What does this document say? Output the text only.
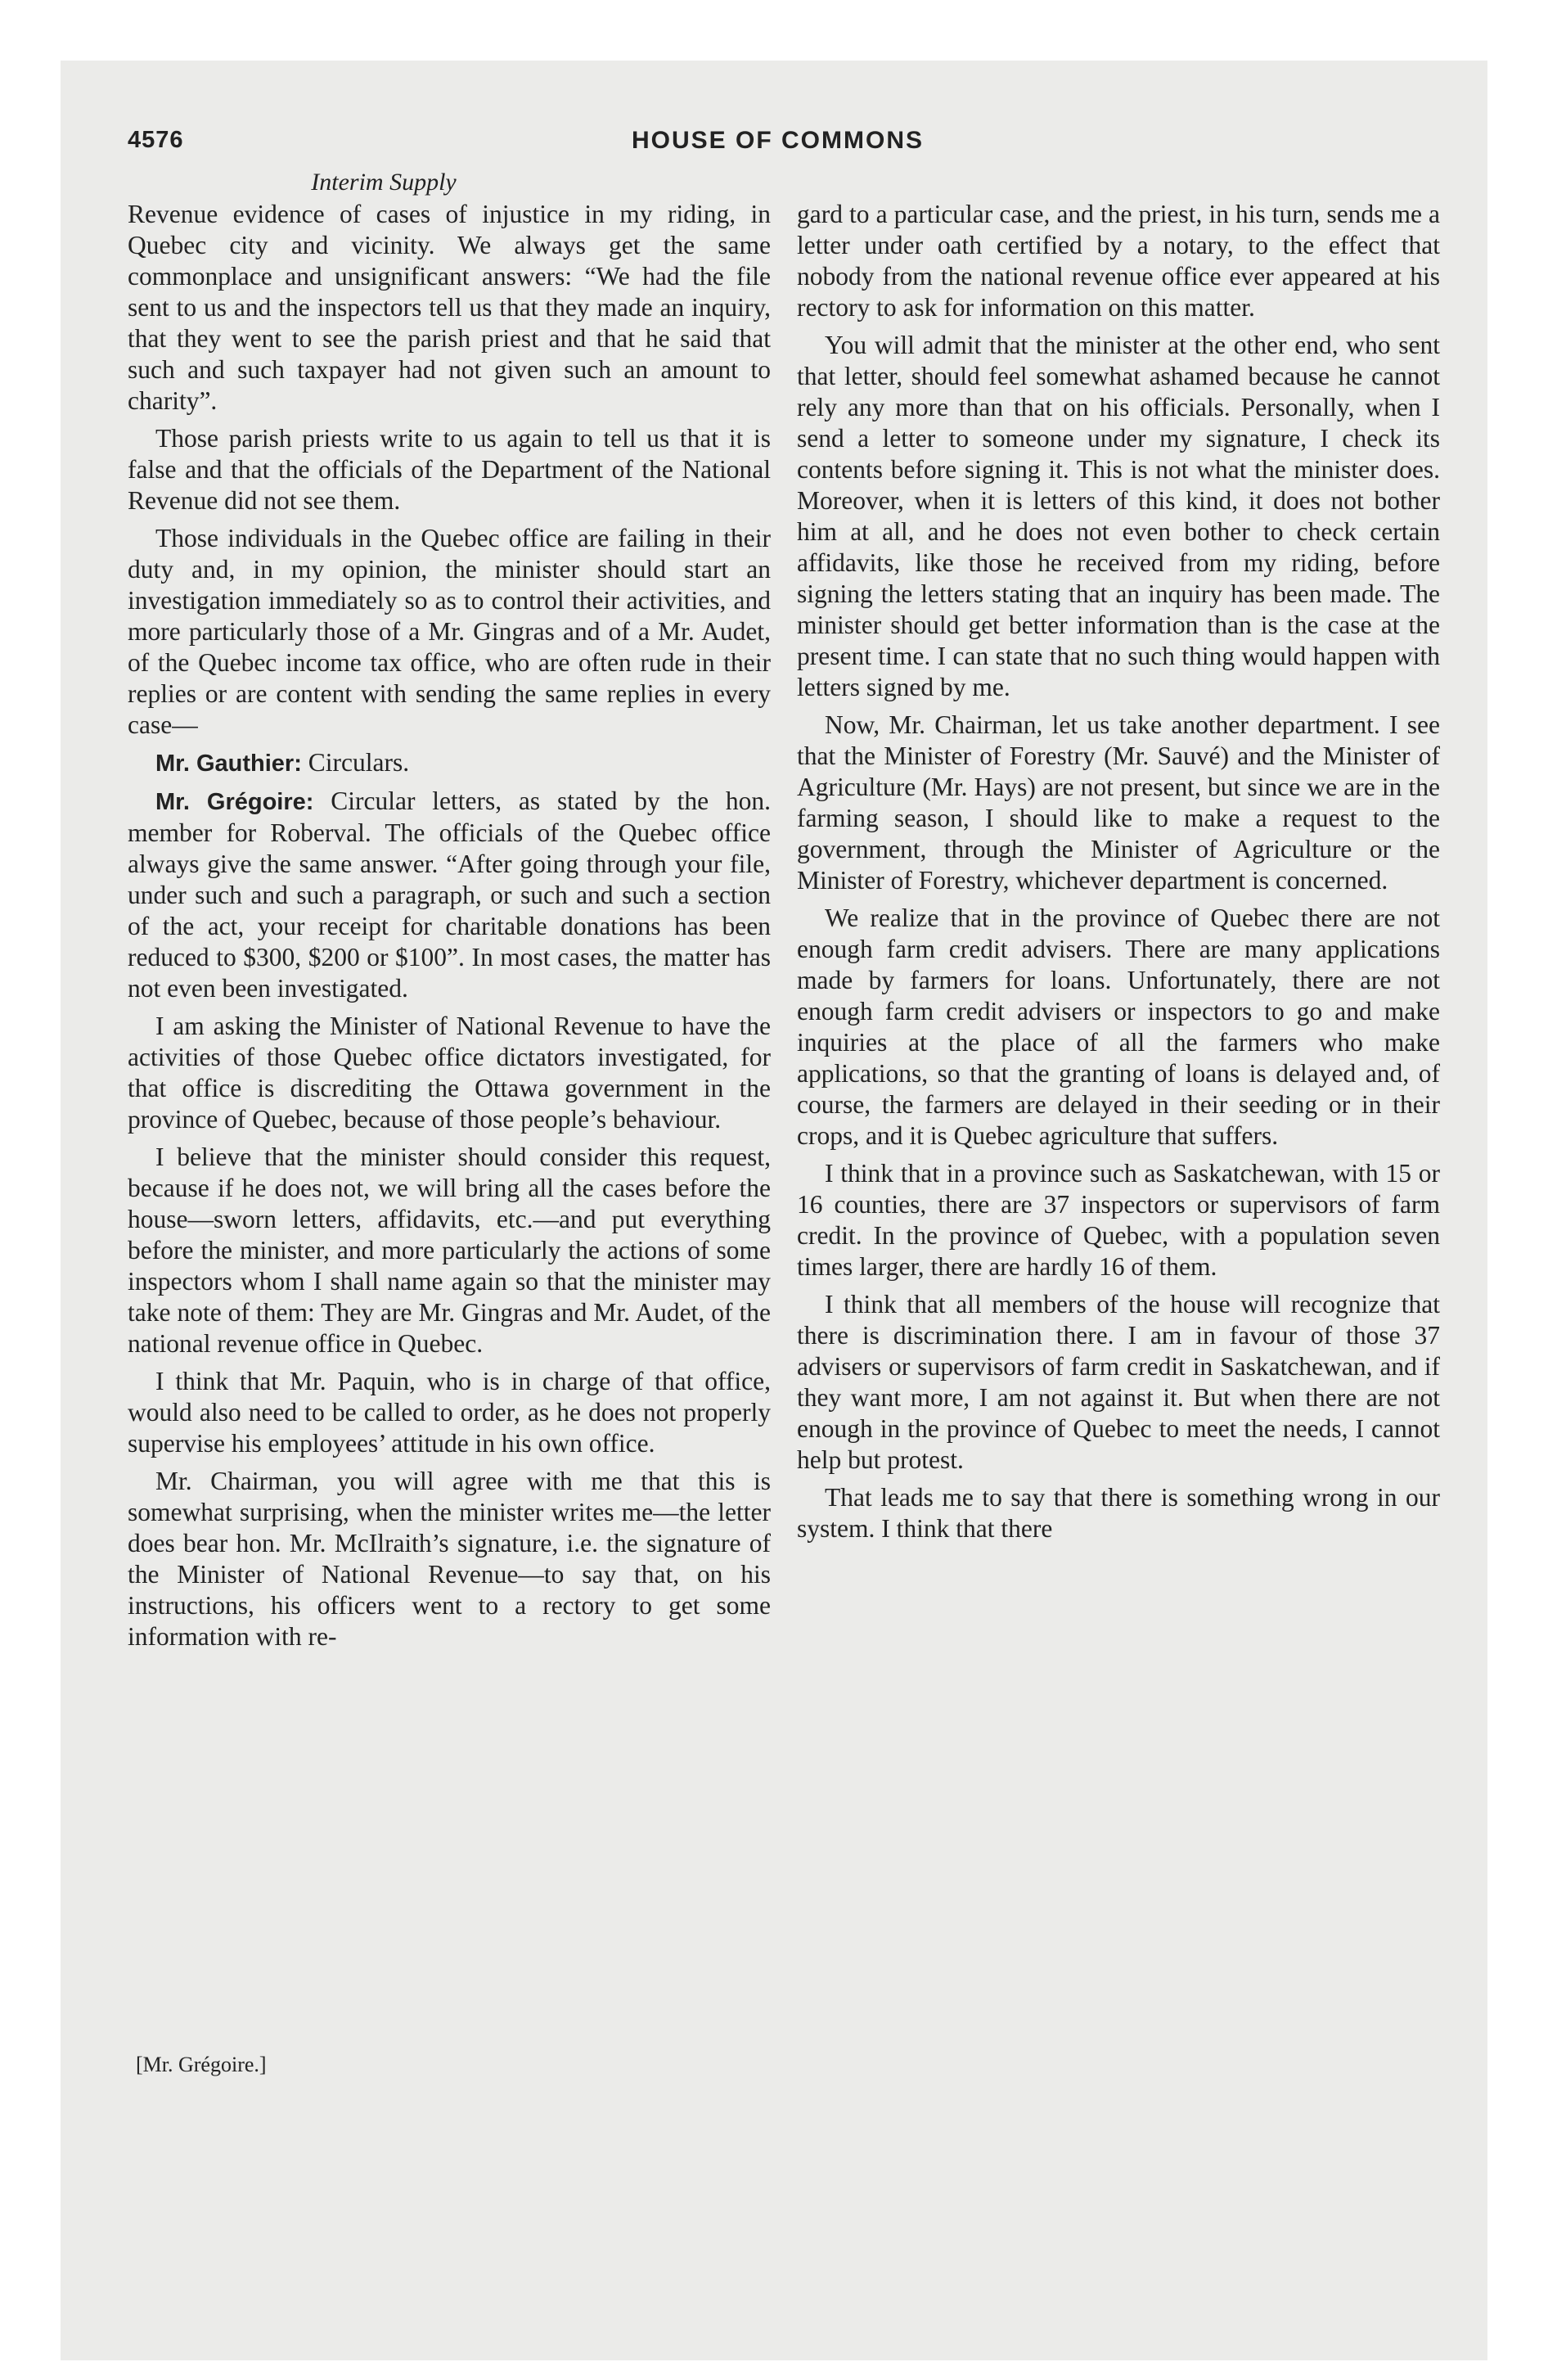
4576	HOUSE OF COMMONS
Interim Supply

Revenue evidence of cases of injustice in my riding, in Quebec city and vicinity. We always get the same commonplace and unsignificant answers: “We had the file sent to us and the inspectors tell us that they made an inquiry, that they went to see the parish priest and that he said that such and such taxpayer had not given such an amount to charity”.

Those parish priests write to us again to tell us that it is false and that the officials of the Department of the National Revenue did not see them.

Those individuals in the Quebec office are failing in their duty and, in my opinion, the minister should start an investigation immediately so as to control their activities, and more particularly those of a Mr. Gingras and of a Mr. Audet, of the Quebec income tax office, who are often rude in their replies or are content with sending the same replies in every case—

Mr. Gauthier: Circulars.

Mr. Grégoire: Circular letters, as stated by the hon. member for Roberval. The officials of the Quebec office always give the same answer. “After going through your file, under such and such a paragraph, or such and such a section of the act, your receipt for charitable donations has been reduced to $300, $200 or $100”. In most cases, the matter has not even been investigated.

I am asking the Minister of National Revenue to have the activities of those Quebec office dictators investigated, for that office is discrediting the Ottawa government in the province of Quebec, because of those people’s behaviour.

I believe that the minister should consider this request, because if he does not, we will bring all the cases before the house—sworn letters, affidavits, etc.—and put everything before the minister, and more particularly the actions of some inspectors whom I shall name again so that the minister may take note of them: They are Mr. Gingras and Mr. Audet, of the national revenue office in Quebec.

I think that Mr. Paquin, who is in charge of that office, would also need to be called to order, as he does not properly supervise his employees’ attitude in his own office.

Mr. Chairman, you will agree with me that this is somewhat surprising, when the minister writes me—the letter does bear hon. Mr. McIlraith’s signature, i.e. the signature of the Minister of National Revenue—to say that, on his instructions, his officers went to a rectory to get some information with re-

gard to a particular case, and the priest, in his turn, sends me a letter under oath certified by a notary, to the effect that nobody from the national revenue office ever appeared at his rectory to ask for information on this matter.

You will admit that the minister at the other end, who sent that letter, should feel somewhat ashamed because he cannot rely any more than that on his officials. Personally, when I send a letter to someone under my signature, I check its contents before signing it. This is not what the minister does. Moreover, when it is letters of this kind, it does not bother him at all, and he does not even bother to check certain affidavits, like those he received from my riding, before signing the letters stating that an inquiry has been made. The minister should get better information than is the case at the present time. I can state that no such thing would happen with letters signed by me.

Now, Mr. Chairman, let us take another department. I see that the Minister of Forestry (Mr. Sauvé) and the Minister of Agriculture (Mr. Hays) are not present, but since we are in the farming season, I should like to make a request to the government, through the Minister of Agriculture or the Minister of Forestry, whichever department is concerned.

We realize that in the province of Quebec there are not enough farm credit advisers. There are many applications made by farmers for loans. Unfortunately, there are not enough farm credit advisers or inspectors to go and make inquiries at the place of all the farmers who make applications, so that the granting of loans is delayed and, of course, the farmers are delayed in their seeding or in their crops, and it is Quebec agriculture that suffers.

I think that in a province such as Saskatchewan, with 15 or 16 counties, there are 37 inspectors or supervisors of farm credit. In the province of Quebec, with a population seven times larger, there are hardly 16 of them.

I think that all members of the house will recognize that there is discrimination there. I am in favour of those 37 advisers or supervisors of farm credit in Saskatchewan, and if they want more, I am not against it. But when there are not enough in the province of Quebec to meet the needs, I cannot help but protest.

That leads me to say that there is something wrong in our system. I think that there

[Mr. Grégoire.]
